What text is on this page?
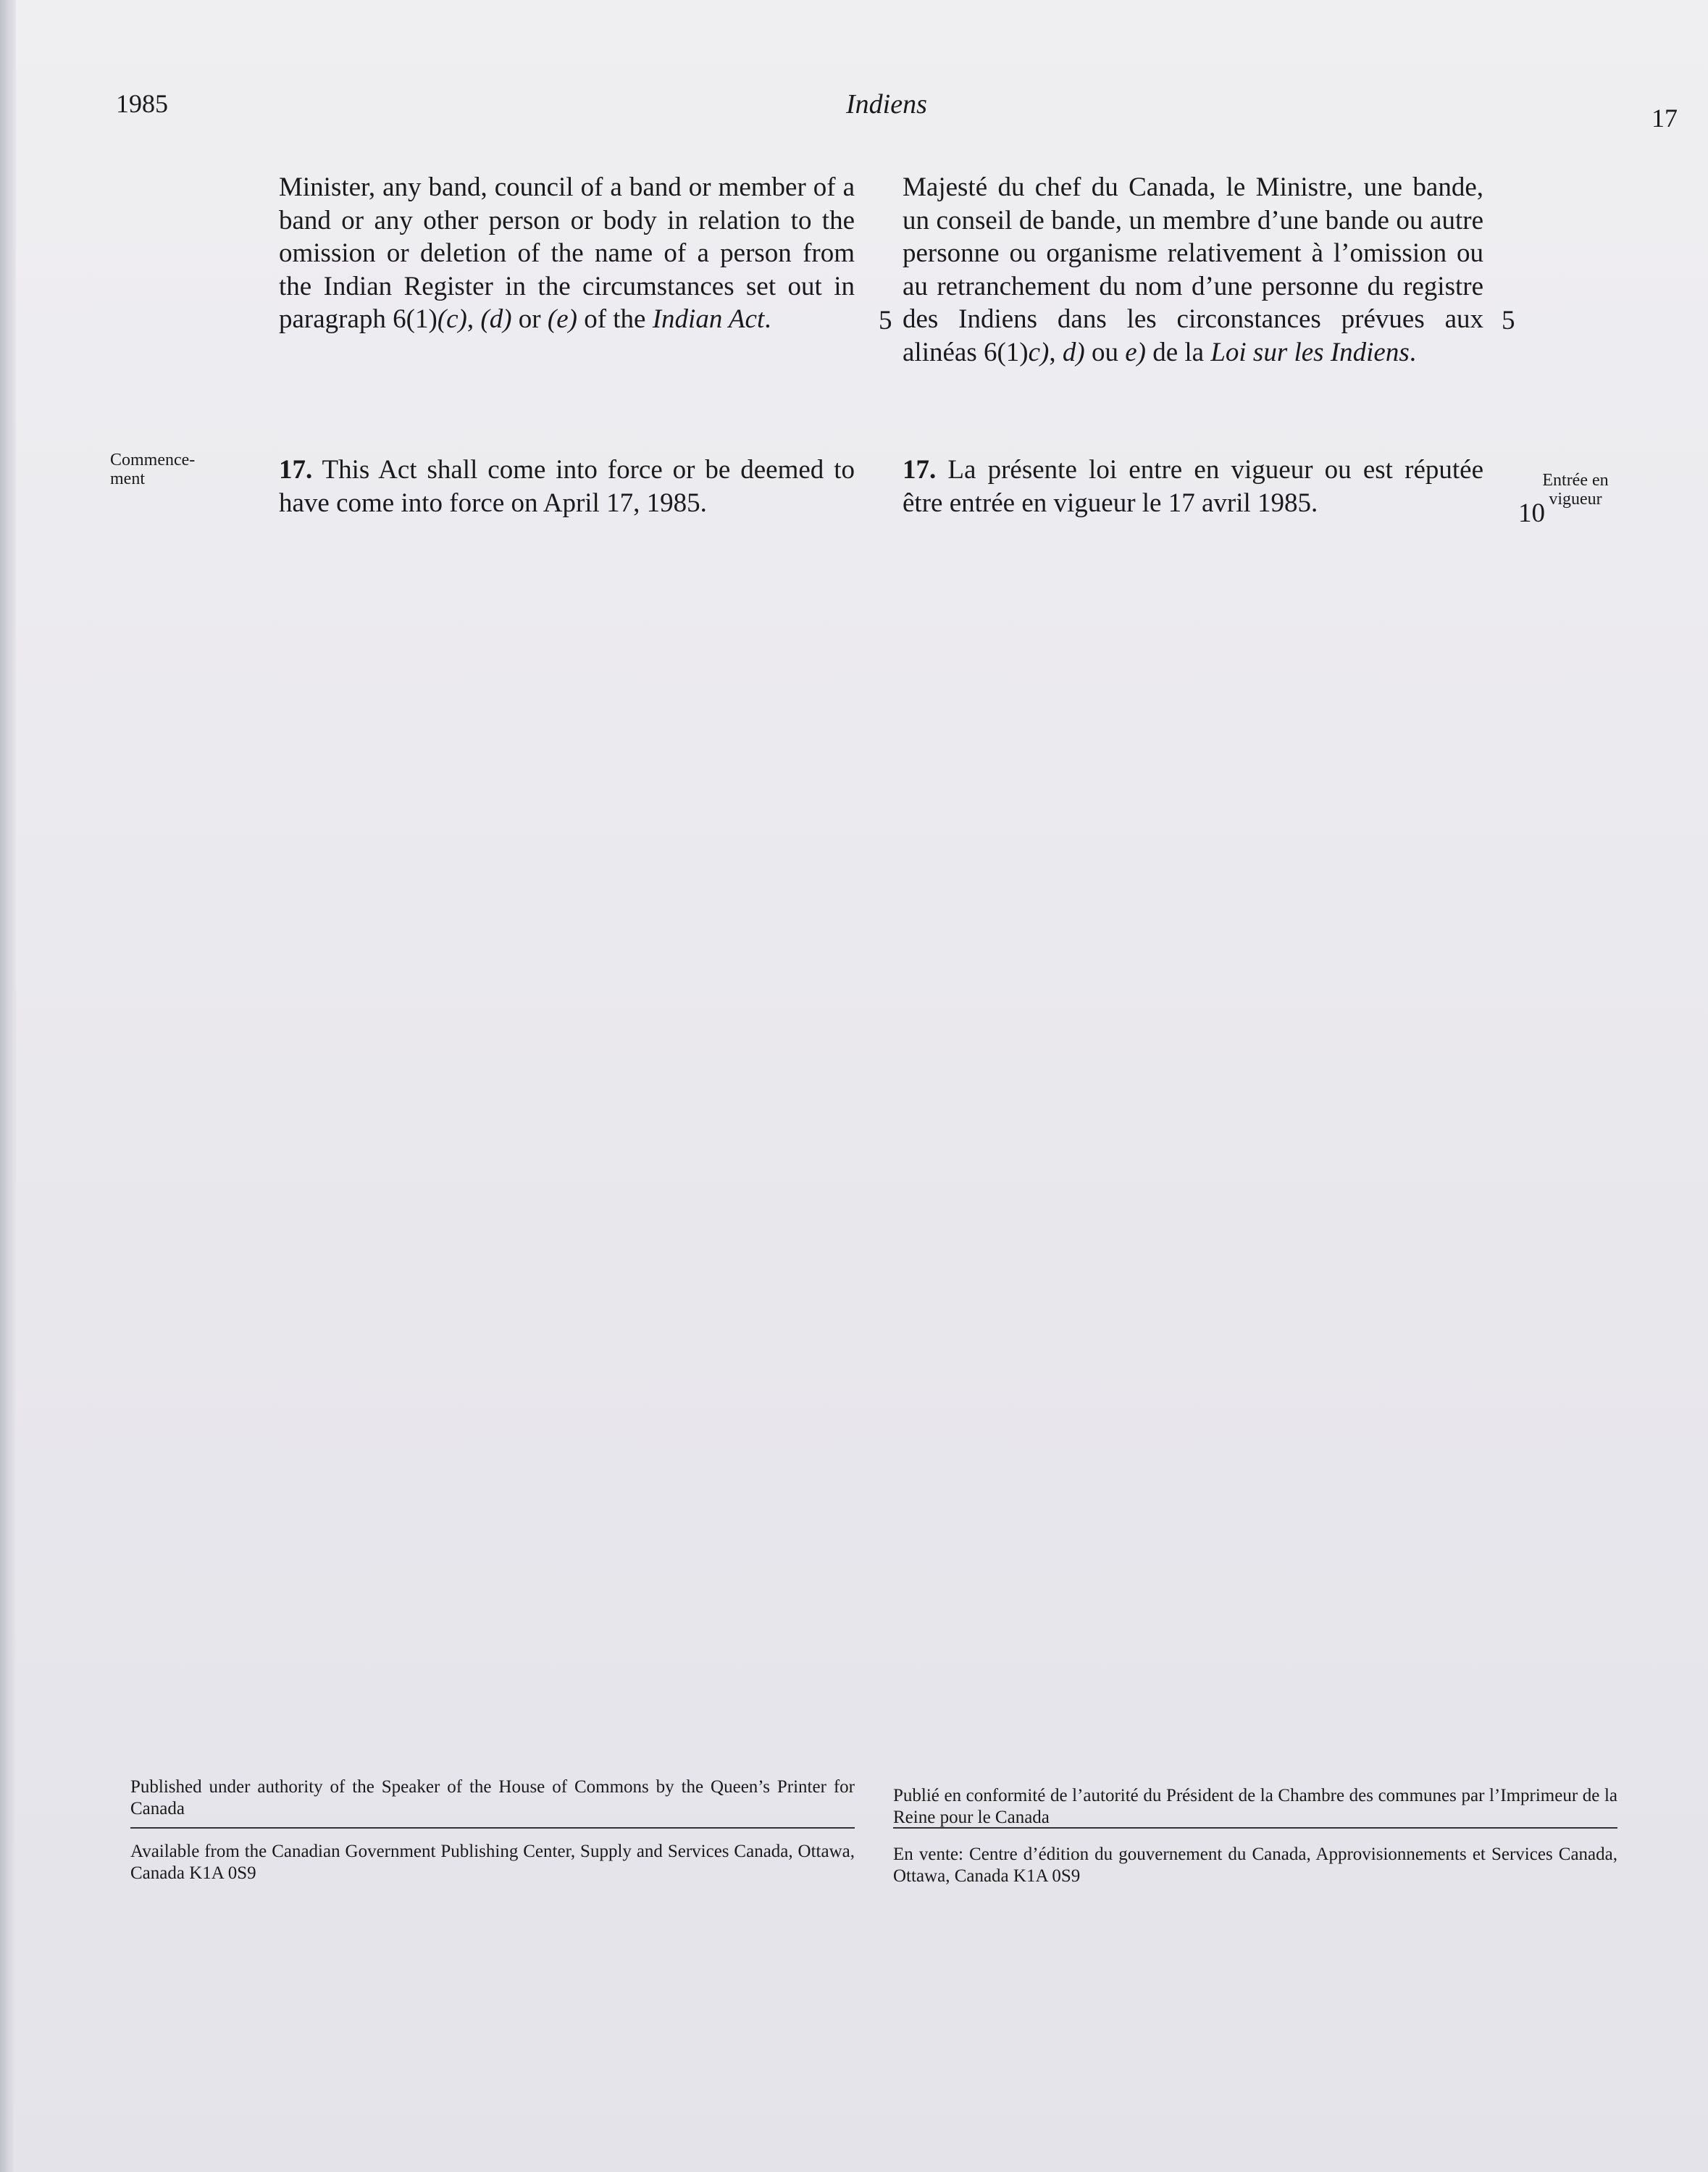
1985	Indiens	17

Minister, any band, council of a band or member of a band or any other person or body in relation to the omission or deletion of the name of a person from the Indian Register in the circumstances set out in paragraph 6(1)(c), (d) or (e) of the Indian Act.

Majesté du chef du Canada, le Ministre, une bande, un conseil de bande, un membre d’une bande ou autre personne ou organisme relativement à l’omission ou au retranchement du nom d’une personne du registre des Indiens dans les circonstances prévues aux alinéas 6(1)c), d) ou e) de la Loi sur les Indiens.

5	5
Commence-ment	17. This Act shall come into force or be deemed to have come into force on April 17, 1985.

17. La présente loi entre en vigueur ou est réputée être entrée en vigueur le 17 avril 1985.

Entrée en vigueur
10
Published under authority of the Speaker of the House of Commons by the Queen’s Printer for Canada
Publié en conformité de l’autorité du Président de la Chambre des communes par l’Imprimeur de la Reine pour le Canada
Available from the Canadian Government Publishing Center, Supply and Services Canada, Ottawa, Canada K1A 0S9
En vente: Centre d’édition du gouvernement du Canada, Approvisionnements et Services Canada, Ottawa, Canada K1A 0S9
